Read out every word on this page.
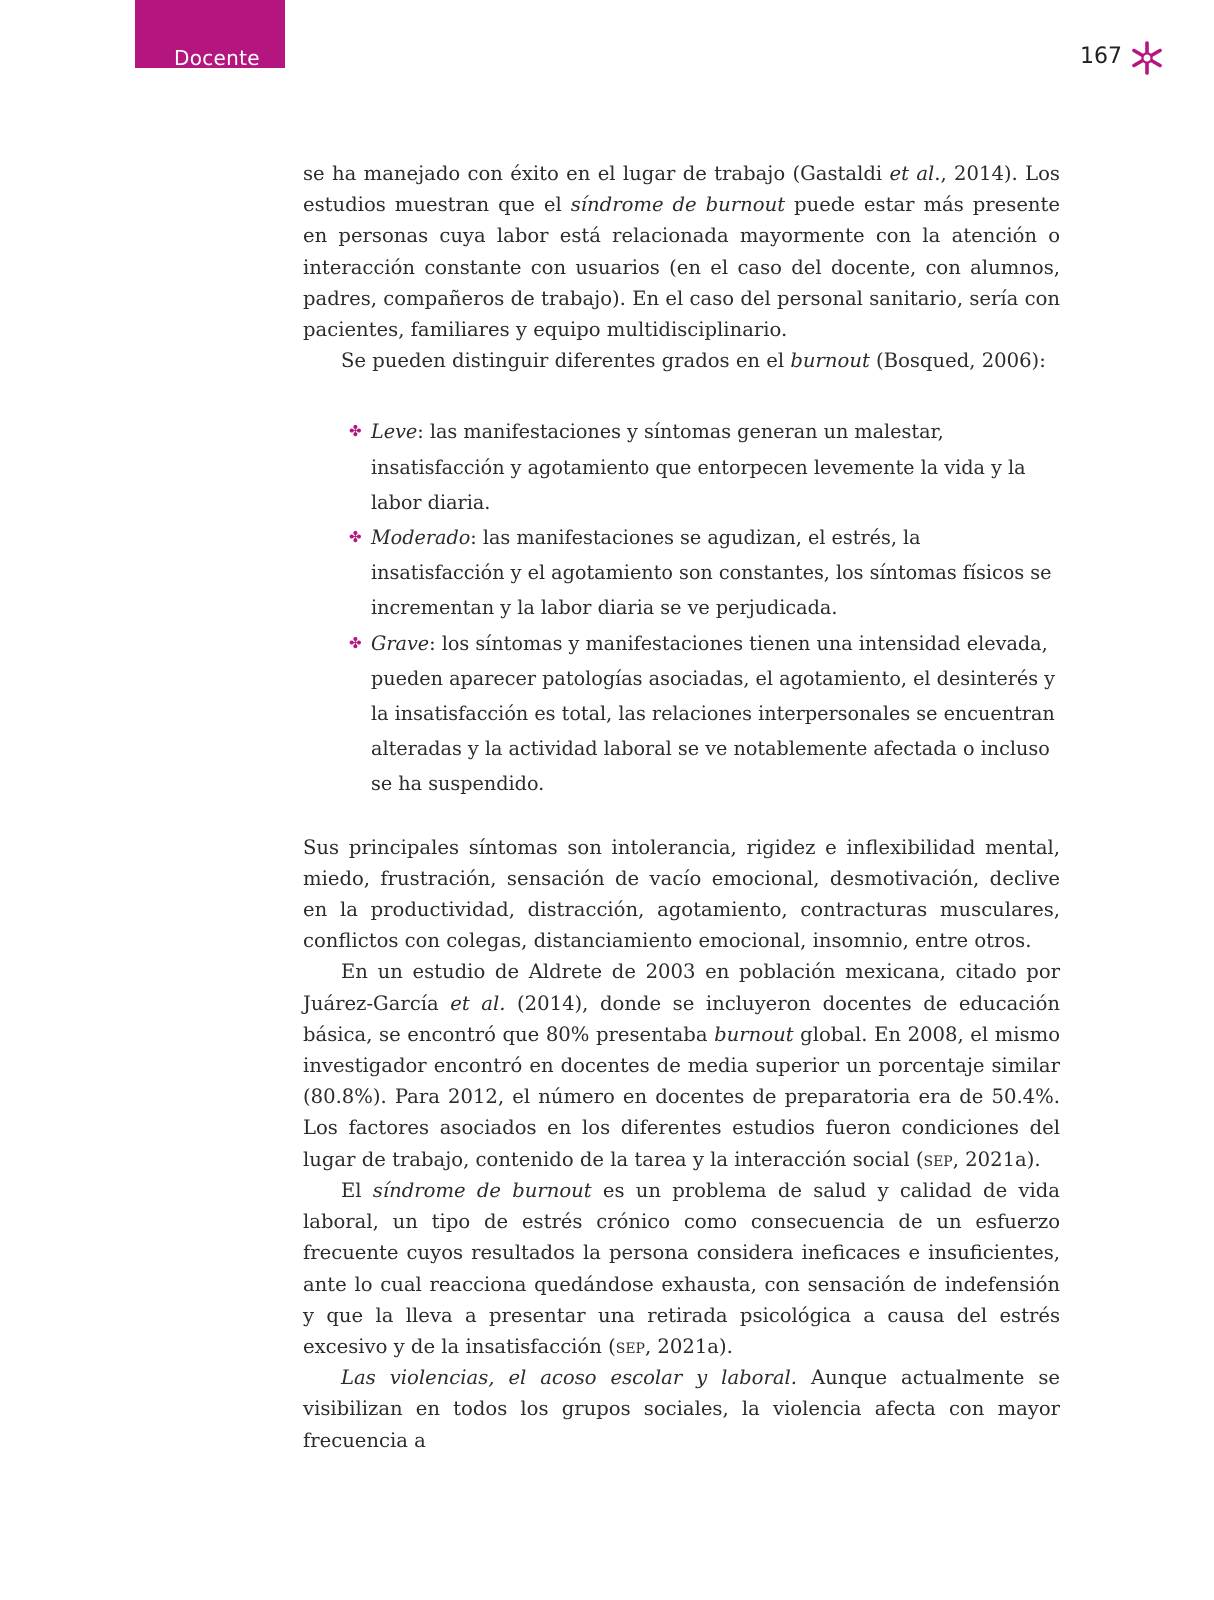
Docente	167

se ha manejado con éxito en el lugar de trabajo (Gastaldi et al., 2014). Los estudios muestran que el síndrome de burnout puede estar más presente en personas cuya labor está relacionada mayormente con la atención o interacción constante con usuarios (en el caso del docente, con alumnos, padres, compañeros de trabajo). En el caso del personal sanitario, sería con pacientes, familiares y equipo multidisciplinario.

Se pueden distinguir diferentes grados en el burnout (Bosqued, 2006):

✤ Leve: las manifestaciones y síntomas generan un malestar, insatisfacción y agotamiento que entorpecen levemente la vida y la labor diaria.
✤ Moderado: las manifestaciones se agudizan, el estrés, la insatisfacción y el agotamiento son constantes, los síntomas físicos se incrementan y la labor diaria se ve perjudicada.
✤ Grave: los síntomas y manifestaciones tienen una intensidad elevada, pueden aparecer patologías asociadas, el agotamiento, el desinterés y la insatisfacción es total, las relaciones interpersonales se encuentran alteradas y la actividad laboral se ve notablemente afectada o incluso se ha suspendido.

Sus principales síntomas son intolerancia, rigidez e inflexibilidad mental, miedo, frustración, sensación de vacío emocional, desmotivación, declive en la productividad, distracción, agotamiento, contracturas musculares, conflictos con colegas, distanciamiento emocional, insomnio, entre otros.

En un estudio de Aldrete de 2003 en población mexicana, citado por Juárez-García et al. (2014), donde se incluyeron docentes de educación básica, se encontró que 80% presentaba burnout global. En 2008, el mismo investigador encontró en docentes de media superior un porcentaje similar (80.8%). Para 2012, el número en docentes de preparatoria era de 50.4%. Los factores asociados en los diferentes estudios fueron condiciones del lugar de trabajo, contenido de la tarea y la interacción social (sep, 2021a).

El síndrome de burnout es un problema de salud y calidad de vida laboral, un tipo de estrés crónico como consecuencia de un esfuerzo frecuente cuyos resultados la persona considera ineficaces e insuficientes, ante lo cual reacciona quedándose exhausta, con sensación de indefensión y que la lleva a presentar una retirada psicológica a causa del estrés excesivo y de la insatisfacción (sep, 2021a).

Las violencias, el acoso escolar y laboral. Aunque actualmente se visibilizan en todos los grupos sociales, la violencia afecta con mayor frecuencia a
